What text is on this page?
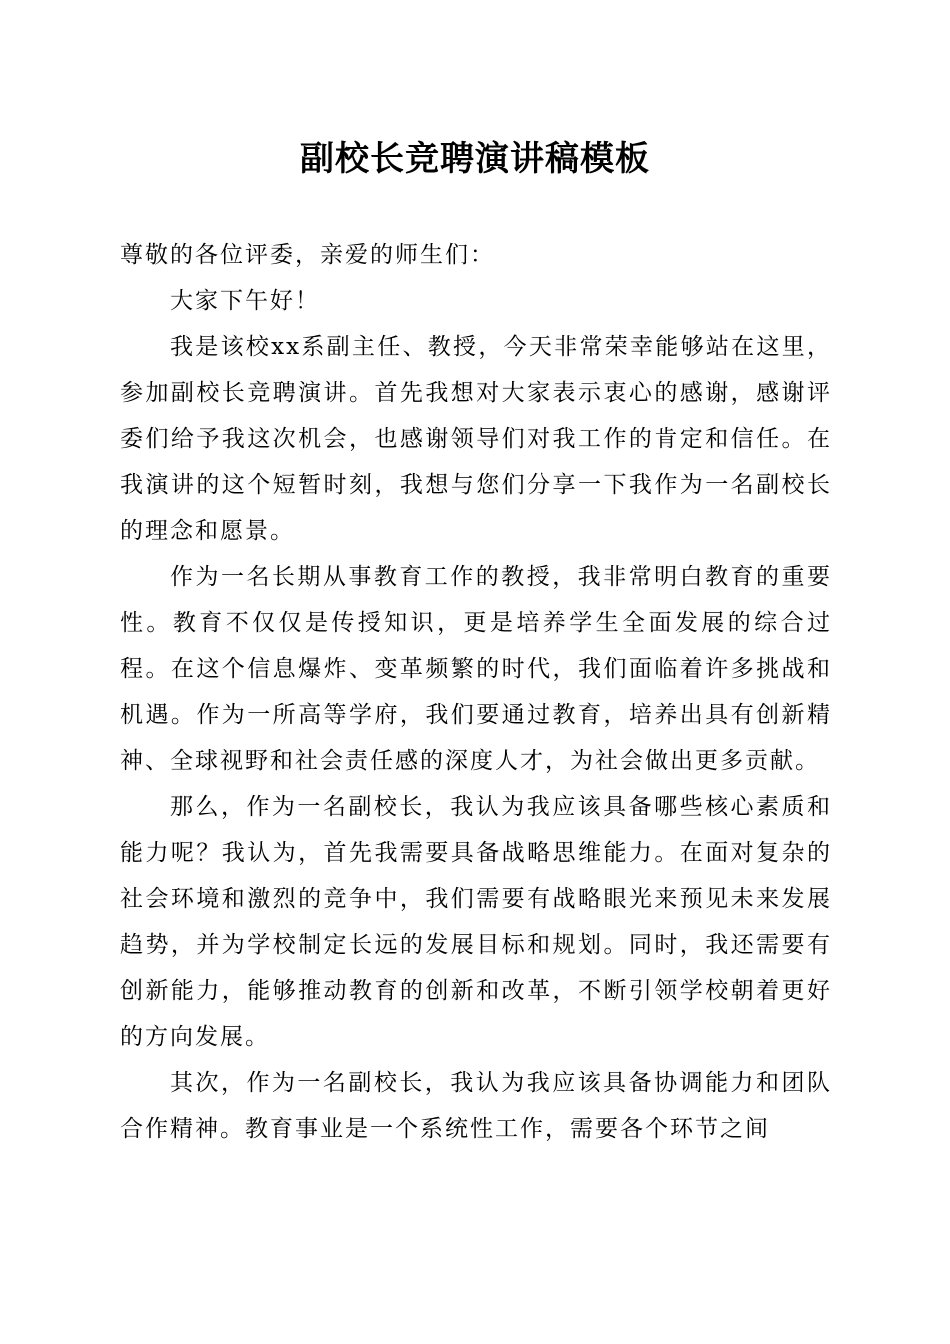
副校长竞聘演讲稿模板

尊敬的各位评委，亲爱的师生们：

大家下午好！

我是该校xx系副主任、教授，今天非常荣幸能够站在这里，参加副校长竞聘演讲。首先我想对大家表示衷心的感谢，感谢评委们给予我这次机会，也感谢领导们对我工作的肯定和信任。在我演讲的这个短暂时刻，我想与您们分享一下我作为一名副校长的理念和愿景。

作为一名长期从事教育工作的教授，我非常明白教育的重要性。教育不仅仅是传授知识，更是培养学生全面发展的综合过程。在这个信息爆炸、变革频繁的时代，我们面临着许多挑战和机遇。作为一所高等学府，我们要通过教育，培养出具有创新精神、全球视野和社会责任感的深度人才，为社会做出更多贡献。

那么，作为一名副校长，我认为我应该具备哪些核心素质和能力呢？我认为，首先我需要具备战略思维能力。在面对复杂的社会环境和激烈的竞争中，我们需要有战略眼光来预见未来发展趋势，并为学校制定长远的发展目标和规划。同时，我还需要有创新能力，能够推动教育的创新和改革，不断引领学校朝着更好的方向发展。

其次，作为一名副校长，我认为我应该具备协调能力和团队合作精神。教育事业是一个系统性工作，需要各个环节之间
